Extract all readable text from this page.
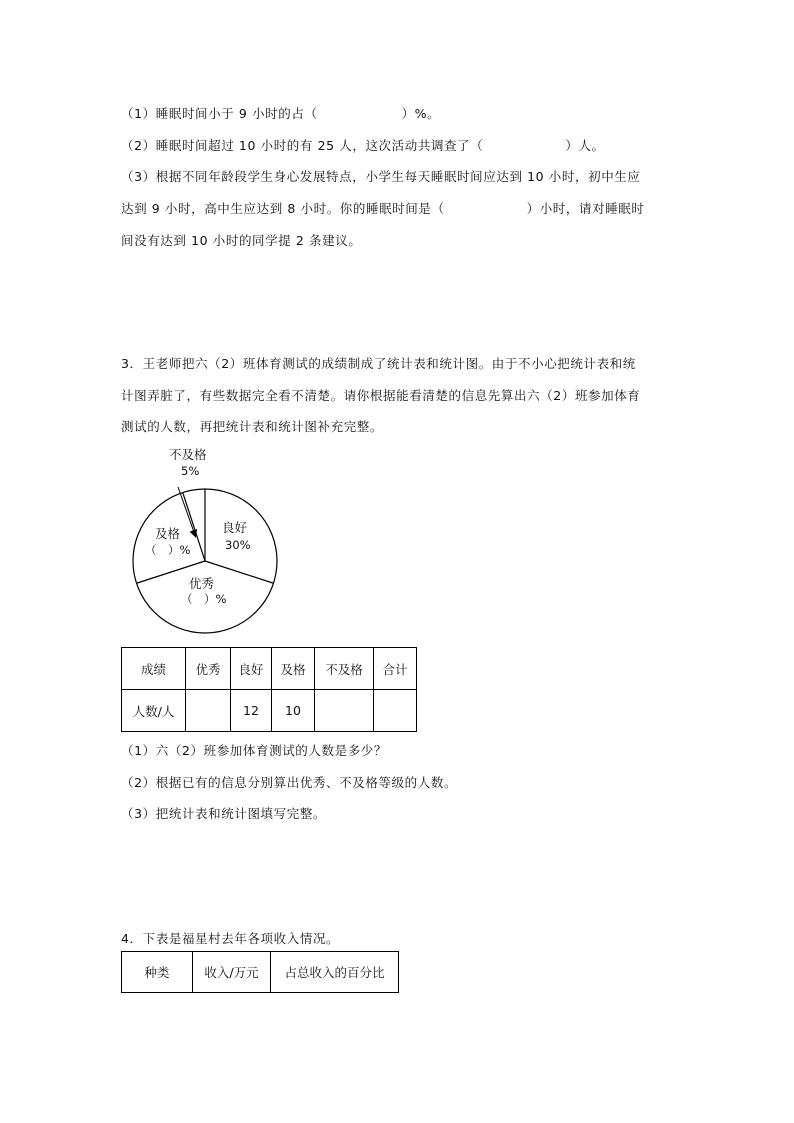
（1）睡眠时间小于 9 小时的占（	）%。
（2）睡眠时间超过 10 小时的有 25 人，这次活动共调查了（	）人。
（3）根据不同年龄段学生身心发展特点，小学生每天睡眠时间应达到 10 小时，初中生应
达到 9 小时，高中生应达到 8 小时。你的睡眠时间是（	）小时，请对睡眠时
间没有达到 10 小时的同学提 2 条建议。
3．王老师把六（2）班体育测试的成绩制成了统计表和统计图。由于不小心把统计表和统
计图弄脏了，有些数据完全看不清楚。请你根据能看清楚的信息先算出六（2）班参加体育
测试的人数，再把统计表和统计图补充完整。
不及格
5%
良好
30%
及格
（　）%
优秀
（　）%
成绩	优秀	良好	及格	不及格	合计
人数/人		12	10		
（1）六（2）班参加体育测试的人数是多少？
（2）根据已有的信息分别算出优秀、不及格等级的人数。
（3）把统计表和统计图填写完整。
4．下表是福星村去年各项收入情况。
种类	收入/万元	占总收入的百分比
